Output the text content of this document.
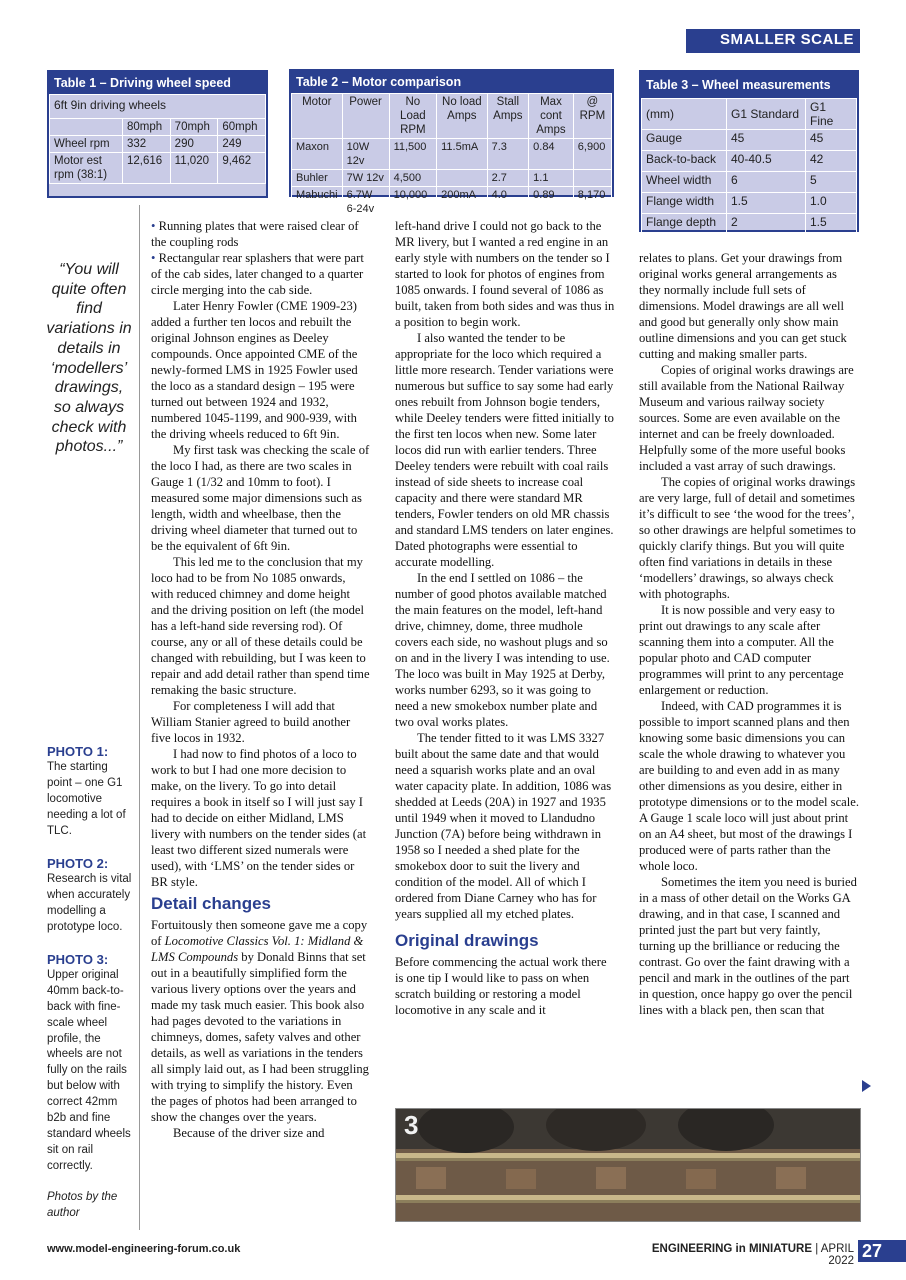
SMALLER SCALE
Table 1 – Driving wheel speed
6ft 9in driving wheels			
	80mph	70mph	60mph
Wheel rpm	332	290	249
Motor est rpm (38:1)	12,616	11,020	9,462
Table 2 – Motor comparison
Motor	Power	No Load RPM	No load Amps	Stall Amps	Max cont Amps	@ RPM
Maxon	10W 12v	11,500	11.5mA	7.3	0.84	6,900
Buhler	7W 12v	4,500		2.7	1.1	
Mabuchi	6.7W 6-24v	10,000	200mA	4.0	0.89	8,170
Table 3 – Wheel measurements
(mm)	G1 Standard	G1 Fine
Gauge	45	45
Back-to-back	40-40.5	42
Wheel width	6	5
Flange width	1.5	1.0
Flange depth	2	1.5
“You will quite often find variations in details in ‘modellers’ drawings, so always check with photos...”
PHOTO 1:
The starting point – one G1 locomotive needing a lot of TLC.
PHOTO 2:
Research is vital when accurately modelling a prototype loco.
PHOTO 3:
Upper original 40mm back-to-back with fine-scale wheel profile, the wheels are not fully on the rails but below with correct 42mm b2b and fine standard wheels sit on rail correctly.
Photos by the author

• Running plates that were raised clear of the coupling rods

• Rectangular rear splashers that were part of the cab sides, later changed to a quarter circle merging into the cab side.

Later Henry Fowler (CME 1909-23) added a further ten locos and rebuilt the original Johnson engines as Deeley compounds. Once appointed CME of the newly-formed LMS in 1925 Fowler used the loco as a standard design – 195 were turned out between 1924 and 1932, numbered 1045-1199, and 900-939, with the driving wheels reduced to 6ft 9in.

My first task was checking the scale of the loco I had, as there are two scales in Gauge 1 (1/32 and 10mm to foot). I measured some major dimensions such as length, width and wheelbase, then the driving wheel diameter that turned out to be the equivalent of 6ft 9in.

This led me to the conclusion that my loco had to be from No 1085 onwards, with reduced chimney and dome height and the driving position on left (the model has a left-hand side reversing rod). Of course, any or all of these details could be changed with rebuilding, but I was keen to repair and add detail rather than spend time remaking the basic structure.

For completeness I will add that William Stanier agreed to build another five locos in 1932.

I had now to find photos of a loco to work to but I had one more decision to make, on the livery. To go into detail requires a book in itself so I will just say I had to decide on either Midland, LMS livery with numbers on the tender sides (at least two different sized numerals were used), with ‘LMS’ on the tender sides or BR style.

Detail changes

Fortuitously then someone gave me a copy of Locomotive Classics Vol. 1: Midland & LMS Compounds by Donald Binns that set out in a beautifully simplified form the various livery options over the years and made my task much easier. This book also had pages devoted to the variations in chimneys, domes, safety valves and other details, as well as variations in the tenders all simply laid out, as I had been struggling with trying to simplify the history. Even the pages of photos had been arranged to show the changes over the years.

Because of the driver size and

left-hand drive I could not go back to the MR livery, but I wanted a red engine in an early style with numbers on the tender so I started to look for photos of engines from 1085 onwards. I found several of 1086 as built, taken from both sides and was thus in a position to begin work.

I also wanted the tender to be appropriate for the loco which required a little more research. Tender variations were numerous but suffice to say some had early ones rebuilt from Johnson bogie tenders, while Deeley tenders were fitted initially to the first ten locos when new. Some later locos did run with earlier tenders. Three Deeley tenders were rebuilt with coal rails instead of side sheets to increase coal capacity and there were standard MR tenders, Fowler tenders on old MR chassis and standard LMS tenders on later engines. Dated photographs were essential to accurate modelling.

In the end I settled on 1086 – the number of good photos available matched the main features on the model, left-hand drive, chimney, dome, three mudhole covers each side, no washout plugs and so on and in the livery I was intending to use. The loco was built in May 1925 at Derby, works number 6293, so it was going to need a new smokebox number plate and two oval works plates.

The tender fitted to it was LMS 3327 built about the same date and that would need a squarish works plate and an oval water capacity plate. In addition, 1086 was shedded at Leeds (20A) in 1927 and 1935 until 1949 when it moved to Llandudno Junction (7A) before being withdrawn in 1958 so I needed a shed plate for the smokebox door to suit the livery and condition of the model. All of which I ordered from Diane Carney who has for years supplied all my etched plates.

Original drawings

Before commencing the actual work there is one tip I would like to pass on when scratch building or restoring a model locomotive in any scale and it

relates to plans. Get your drawings from original works general arrangements as they normally include full sets of dimensions. Model drawings are all well and good but generally only show main outline dimensions and you can get stuck cutting and making smaller parts.

Copies of original works drawings are still available from the National Railway Museum and various railway society sources. Some are even available on the internet and can be freely downloaded. Helpfully some of the more useful books included a vast array of such drawings.

The copies of original works drawings are very large, full of detail and sometimes it’s difficult to see ‘the wood for the trees’, so other drawings are helpful sometimes to quickly clarify things. But you will quite often find variations in details in these ‘modellers’ drawings, so always check with photographs.

It is now possible and very easy to print out drawings to any scale after scanning them into a computer. All the popular photo and CAD computer programmes will print to any percentage enlargement or reduction.

Indeed, with CAD programmes it is possible to import scanned plans and then knowing some basic dimensions you can scale the whole drawing to whatever you are building to and even add in as many other dimensions as you desire, either in prototype dimensions or to the model scale. A Gauge 1 scale loco will just about print on an A4 sheet, but most of the drawings I produced were of parts rather than the whole loco.

Sometimes the item you need is buried in a mass of other detail on the Works GA drawing, and in that case, I scanned and printed just the part but very faintly, turning up the brilliance or reducing the contrast. Go over the faint drawing with a pencil and mark in the outlines of the part in question, once happy go over the pencil lines with a black pen, then scan that

3
www.model-engineering-forum.co.uk	ENGINEERING in MINIATURE | APRIL 2022 27
